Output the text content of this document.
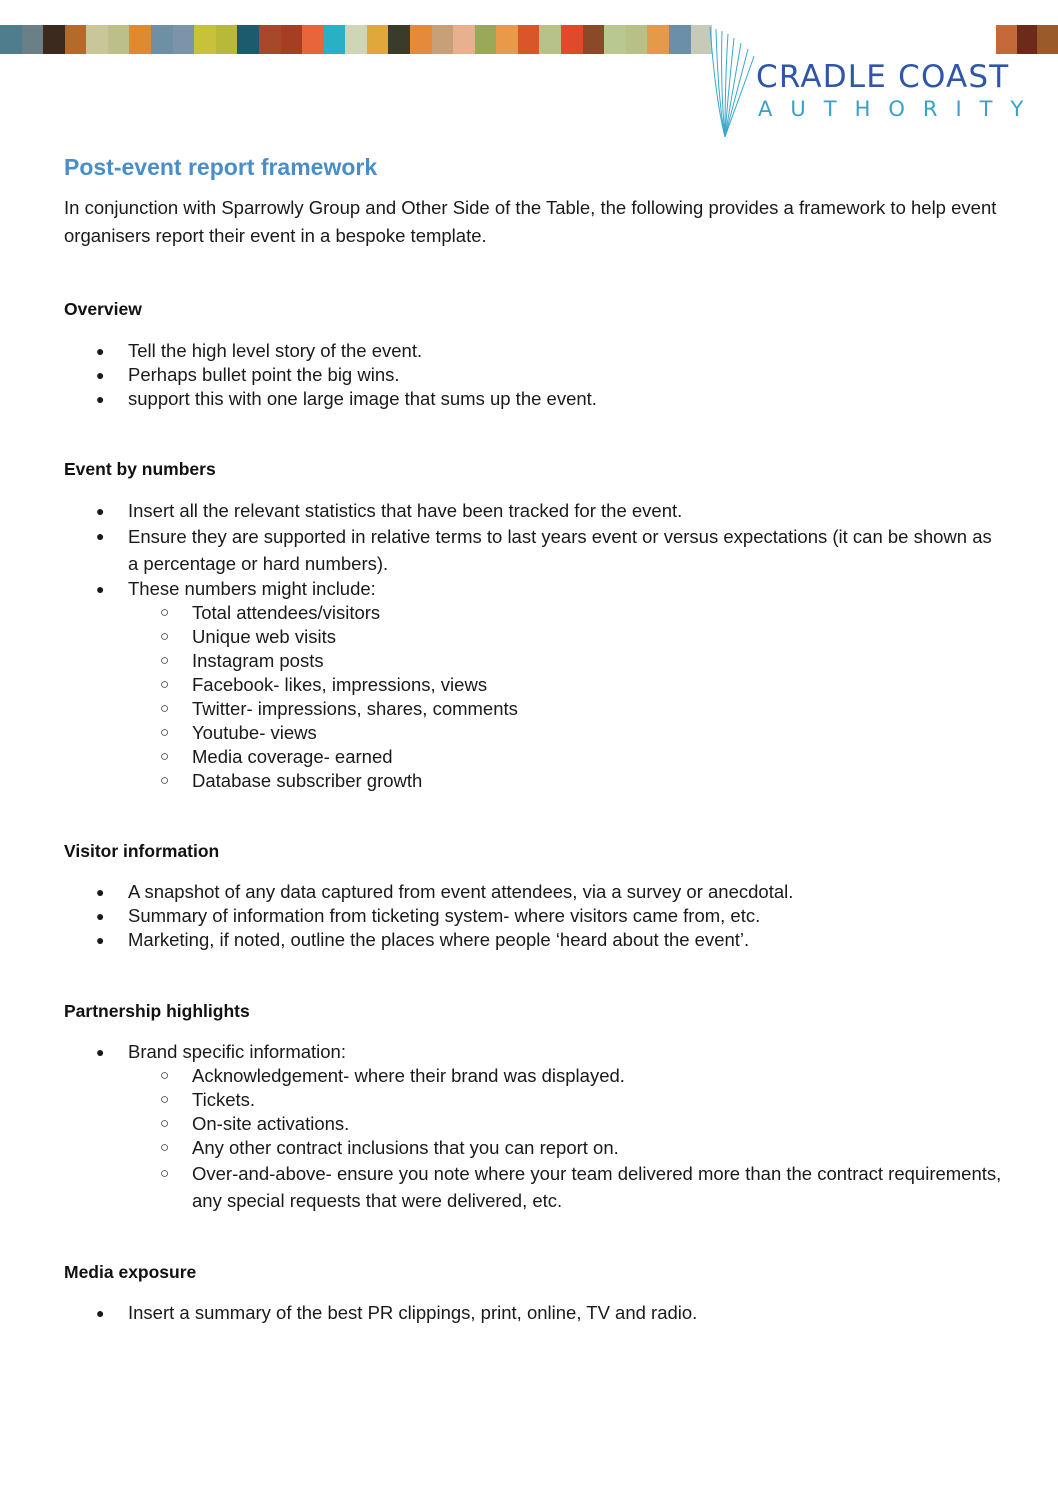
CRADLE COAST
AUTHORITY
Post-event report framework

In conjunction with Sparrowly Group and Other Side of the Table, the following provides a framework to help event organisers report their event in a bespoke template.

Overview
● Tell the high level story of the event.
● Perhaps bullet point the big wins.
● support this with one large image that sums up the event.
Event by numbers
● Insert all the relevant statistics that have been tracked for the event.
● Ensure they are supported in relative terms to last years event or versus expectations (it can be shown as a percentage or hard numbers).
● These numbers might include:
○ Total attendees/visitors
○ Unique web visits
○ Instagram posts
○ Facebook- likes, impressions, views
○ Twitter- impressions, shares, comments
○ Youtube- views
○ Media coverage- earned
○ Database subscriber growth
Visitor information
● A snapshot of any data captured from event attendees, via a survey or anecdotal.
● Summary of information from ticketing system- where visitors came from, etc.
● Marketing, if noted, outline the places where people ‘heard about the event’.
Partnership highlights
● Brand specific information:
○ Acknowledgement- where their brand was displayed.
○ Tickets.
○ On-site activations.
○ Any other contract inclusions that you can report on.
○ Over-and-above- ensure you note where your team delivered more than the contract requirements, any special requests that were delivered, etc.
Media exposure
● Insert a summary of the best PR clippings, print, online, TV and radio.
